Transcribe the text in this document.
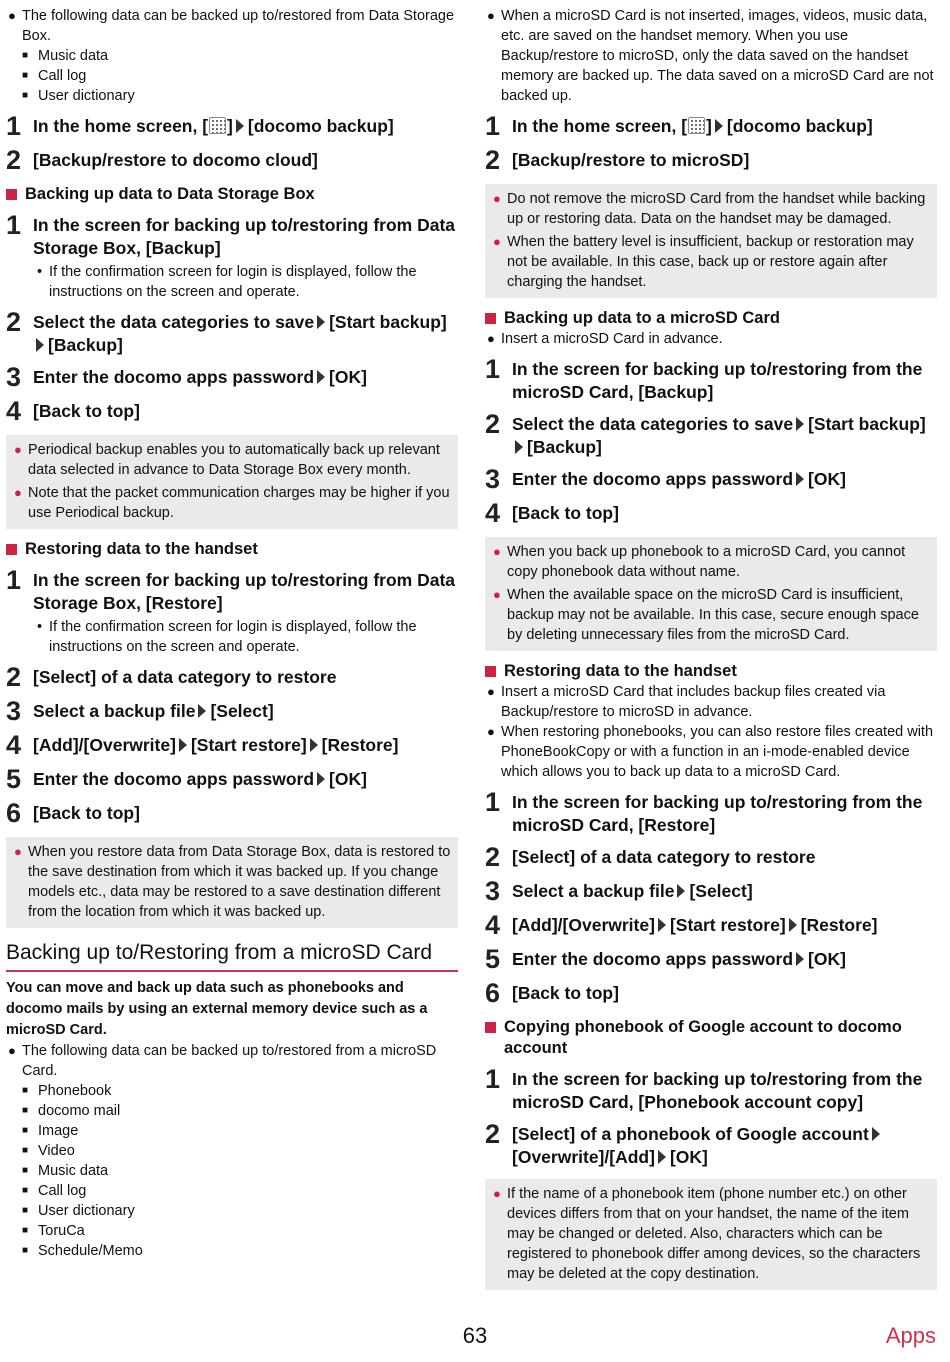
● The following data can be backed up to/restored from Data Storage Box.
■ Music data
■ Call log
■ User dictionary
1 In the home screen, [ ] [docomo backup]
2 [Backup/restore to docomo cloud]
Backing up data to Data Storage Box
1 In the screen for backing up to/restoring from Data Storage Box, [Backup]
• If the confirmation screen for login is displayed, follow the instructions on the screen and operate.
2 Select the data categories to save [Start backup][Backup]
3 Enter the docomo apps password [OK]
4 [Back to top]
● Periodical backup enables you to automatically back up relevant data selected in advance to Data Storage Box every month.
● Note that the packet communication charges may be higher if you use Periodical backup.
Restoring data to the handset
1 In the screen for backing up to/restoring from Data Storage Box, [Restore]
• If the confirmation screen for login is displayed, follow the instructions on the screen and operate.
2 [Select] of a data category to restore
3 Select a backup file [Select]
4 [Add]/[Overwrite] [Start restore] [Restore]
5 Enter the docomo apps password [OK]
6 [Back to top]
● When you restore data from Data Storage Box, data is restored to the save destination from which it was backed up. If you change models etc., data may be restored to a save destination different from the location from which it was backed up.
Backing up to/Restoring from a microSD Card
You can move and back up data such as phonebooks and docomo mails by using an external memory device such as a microSD Card.
● The following data can be backed up to/restored from a microSD Card.
■ Phonebook
■ docomo mail
■ Image
■ Video
■ Music data
■ Call log
■ User dictionary
■ ToruCa
■ Schedule/Memo
● When a microSD Card is not inserted, images, videos, music data, etc. are saved on the handset memory. When you use Backup/restore to microSD, only the data saved on the handset memory are backed up. The data saved on a microSD Card are not backed up.
1 In the home screen, [ ] [docomo backup]
2 [Backup/restore to microSD]
● Do not remove the microSD Card from the handset while backing up or restoring data. Data on the handset may be damaged.
● When the battery level is insufficient, backup or restoration may not be available. In this case, back up or restore again after charging the handset.
Backing up data to a microSD Card
● Insert a microSD Card in advance.
1 In the screen for backing up to/restoring from the microSD Card, [Backup]
2 Select the data categories to save [Start backup][Backup]
3 Enter the docomo apps password [OK]
4 [Back to top]
● When you back up phonebook to a microSD Card, you cannot copy phonebook data without name.
● When the available space on the microSD Card is insufficient, backup may not be available. In this case, secure enough space by deleting unnecessary files from the microSD Card.
Restoring data to the handset
● Insert a microSD Card that includes backup files created via Backup/restore to microSD in advance.
● When restoring phonebooks, you can also restore files created with PhoneBookCopy or with a function in an i-mode-enabled device which allows you to back up data to a microSD Card.
1 In the screen for backing up to/restoring from the microSD Card, [Restore]
2 [Select] of a data category to restore
3 Select a backup file [Select]
4 [Add]/[Overwrite] [Start restore] [Restore]
5 Enter the docomo apps password [OK]
6 [Back to top]
Copying phonebook of Google account to docomo account
1 In the screen for backing up to/restoring from the microSD Card, [Phonebook account copy]
2 [Select] of a phonebook of Google account[Overwrite]/[Add] [OK]
● If the name of a phonebook item (phone number etc.) on other devices differs from that on your handset, the name of the item may be changed or deleted. Also, characters which can be registered to phonebook differ among devices, so the characters may be deleted at the copy destination.
63	Apps
